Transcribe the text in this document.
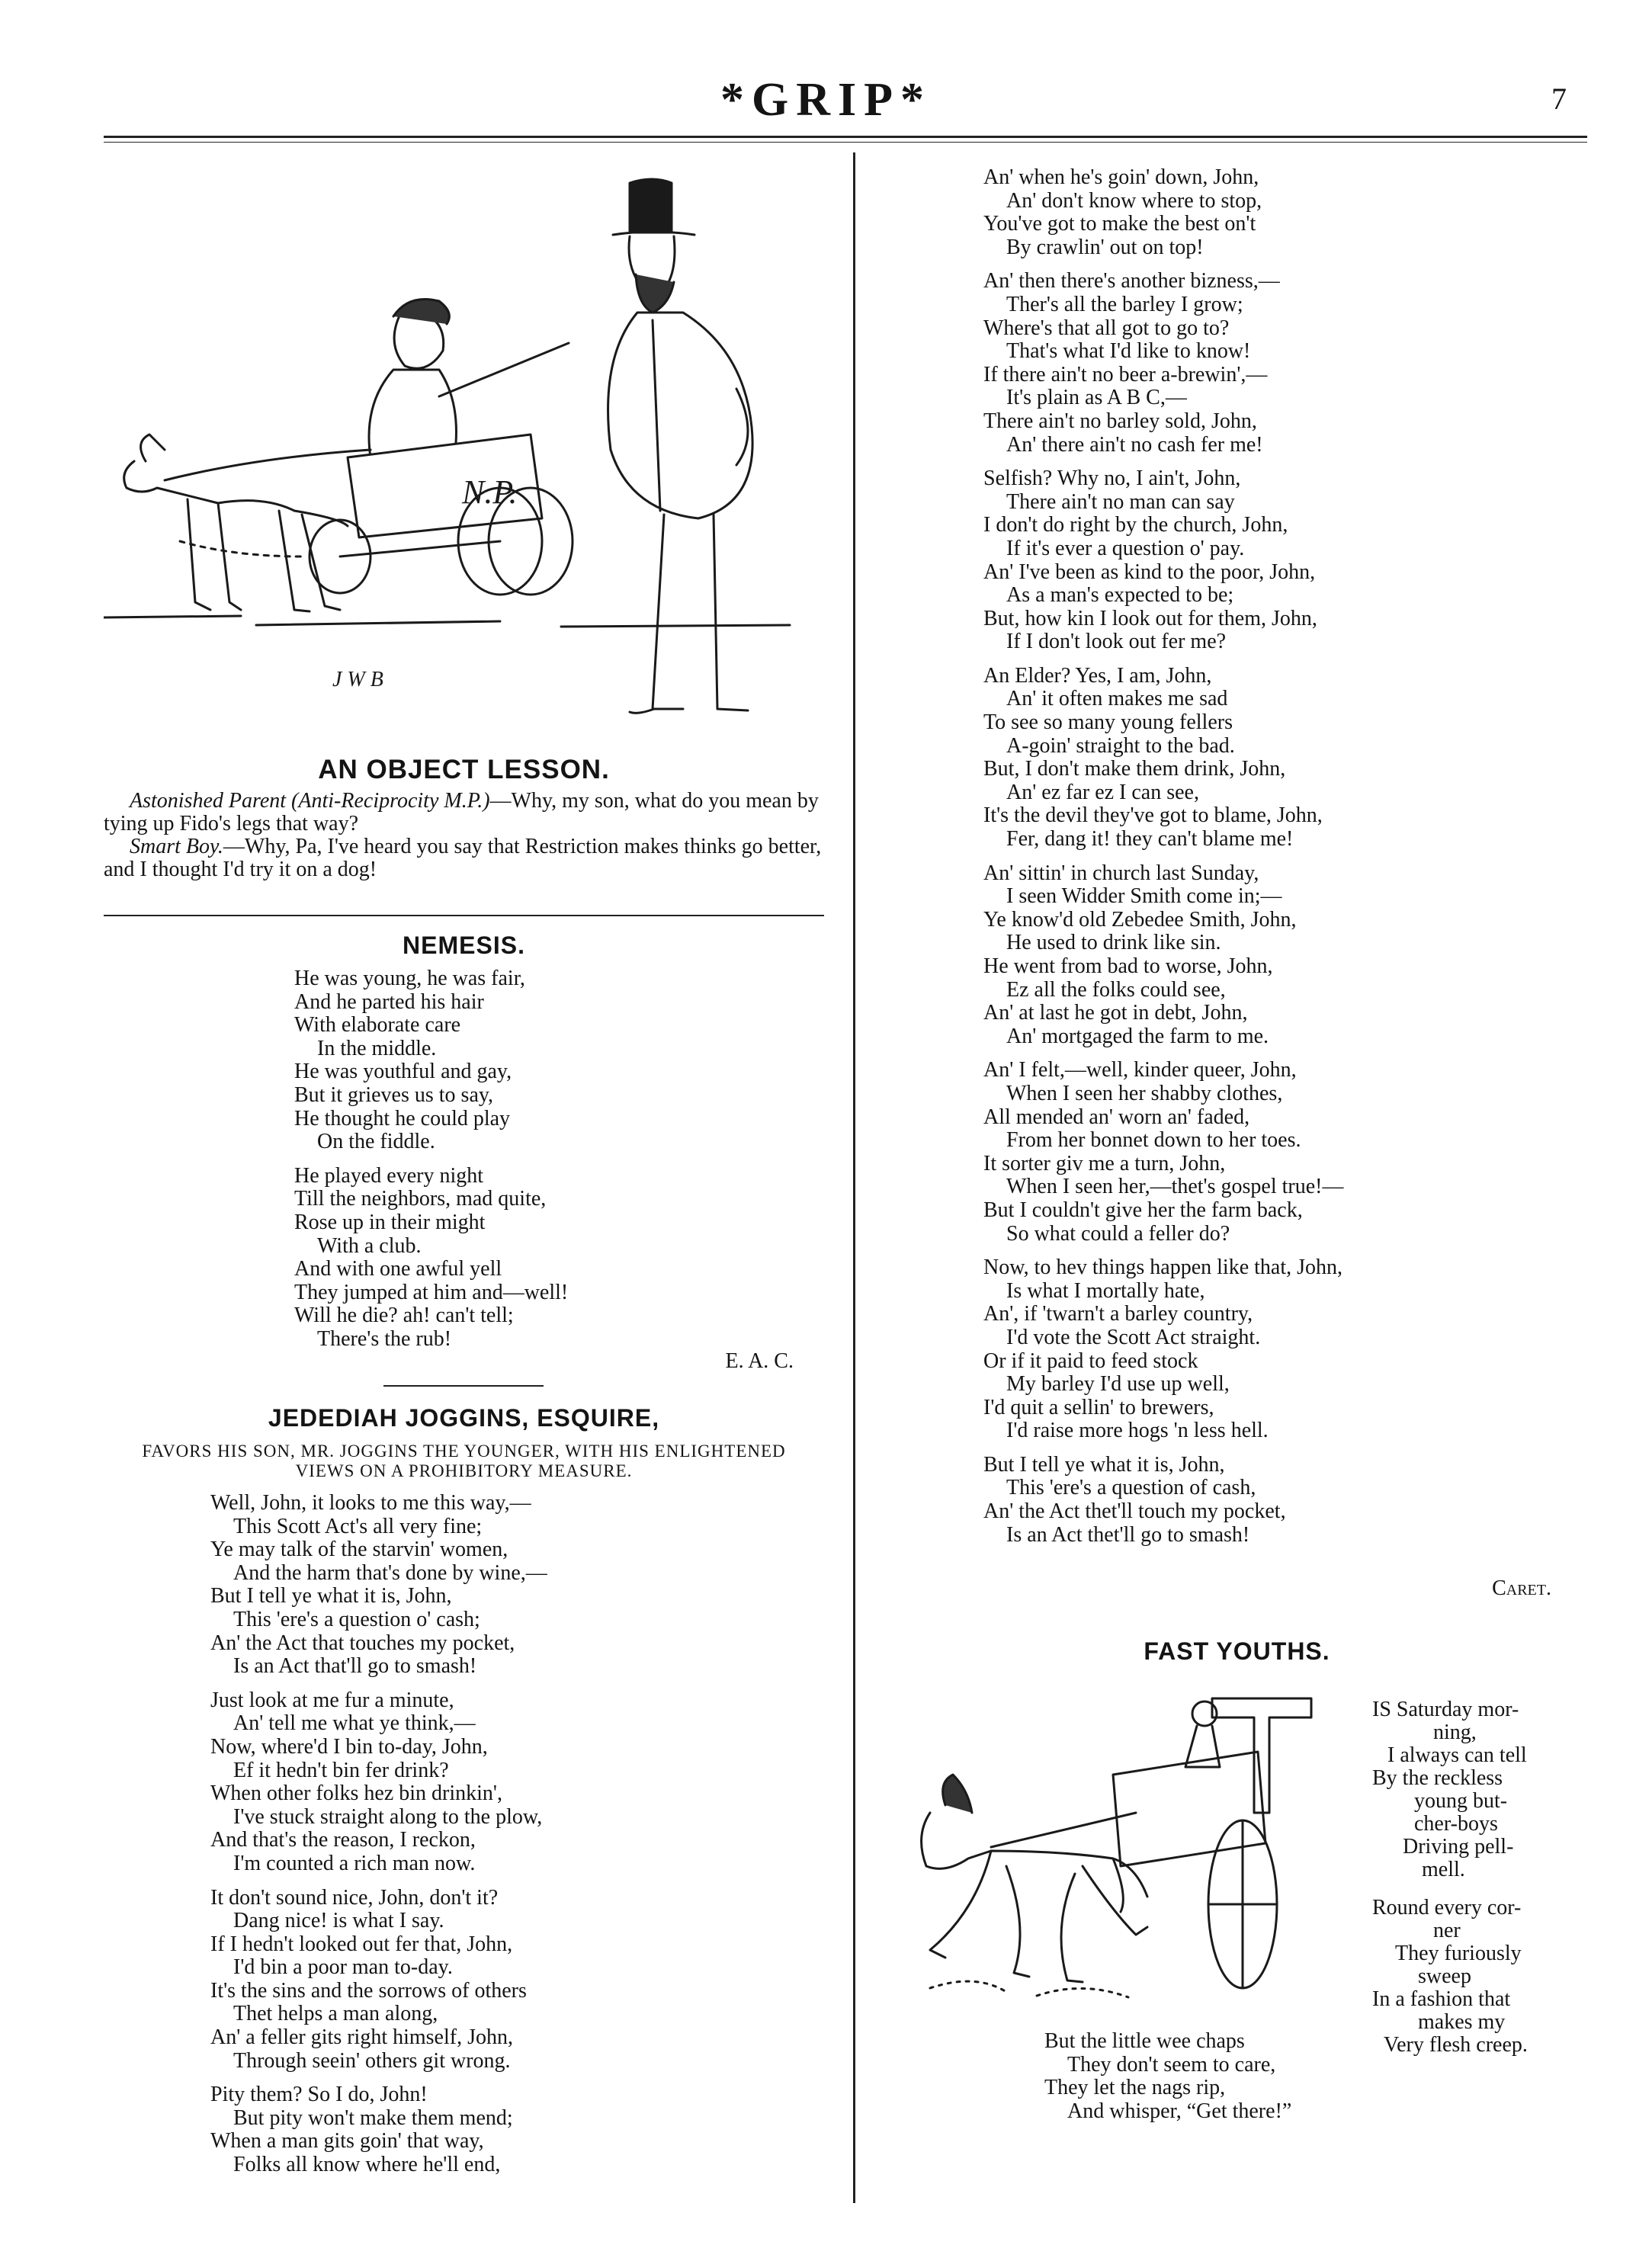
*GRIP*	7
N.P.
J W B
AN OBJECT LESSON.

Astonished Parent (Anti-Reciprocity M.P.)—Why, my son, what do you mean by tying up Fido's legs that way?

Smart Boy.—Why, Pa, I've heard you say that Restriction makes thinks go better, and I thought I'd try it on a dog!

NEMESIS.
He was young, he was fair,
And he parted his hair
With elaborate care
In the middle.
He was youthful and gay,
But it grieves us to say,
He thought he could play
On the fiddle.
He played every night
Till the neighbors, mad quite,
Rose up in their might
With a club.
And with one awful yell
They jumped at him and—well!
Will he die? ah! can't tell;
There's the rub!
E. A. C.
JEDEDIAH JOGGINS, ESQUIRE,

FAVORS HIS SON, MR. JOGGINS THE YOUNGER, WITH HIS ENLIGHTENED VIEWS ON A PROHIBITORY MEASURE.

Well, John, it looks to me this way,—
This Scott Act's all very fine;
Ye may talk of the starvin' women,
And the harm that's done by wine,—
But I tell ye what it is, John,
This 'ere's a question o' cash;
An' the Act that touches my pocket,
Is an Act that'll go to smash!
Just look at me fur a minute,
An' tell me what ye think,—
Now, where'd I bin to-day, John,
Ef it hedn't bin fer drink?
When other folks hez bin drinkin',
I've stuck straight along to the plow,
And that's the reason, I reckon,
I'm counted a rich man now.
It don't sound nice, John, don't it?
Dang nice! is what I say.
If I hedn't looked out fer that, John,
I'd bin a poor man to-day.
It's the sins and the sorrows of others
Thet helps a man along,
An' a feller gits right himself, John,
Through seein' others git wrong.
Pity them? So I do, John!
But pity won't make them mend;
When a man gits goin' that way,
Folks all know where he'll end,
An' when he's goin' down, John,
An' don't know where to stop,
You've got to make the best on't
By crawlin' out on top!
An' then there's another bizness,—
Ther's all the barley I grow;
Where's that all got to go to?
That's what I'd like to know!
If there ain't no beer a-brewin',—
It's plain as A B C,—
There ain't no barley sold, John,
An' there ain't no cash fer me!
Selfish? Why no, I ain't, John,
There ain't no man can say
I don't do right by the church, John,
If it's ever a question o' pay.
An' I've been as kind to the poor, John,
As a man's expected to be;
But, how kin I look out for them, John,
If I don't look out fer me?
An Elder? Yes, I am, John,
An' it often makes me sad
To see so many young fellers
A-goin' straight to the bad.
But, I don't make them drink, John,
An' ez far ez I can see,
It's the devil they've got to blame, John,
Fer, dang it! they can't blame me!
An' sittin' in church last Sunday,
I seen Widder Smith come in;—
Ye know'd old Zebedee Smith, John,
He used to drink like sin.
He went from bad to worse, John,
Ez all the folks could see,
An' at last he got in debt, John,
An' mortgaged the farm to me.
An' I felt,—well, kinder queer, John,
When I seen her shabby clothes,
All mended an' worn an' faded,
From her bonnet down to her toes.
It sorter giv me a turn, John,
When I seen her,—thet's gospel true!—
But I couldn't give her the farm back,
So what could a feller do?
Now, to hev things happen like that, John,
Is what I mortally hate,
An', if 'twarn't a barley country,
I'd vote the Scott Act straight.
Or if it paid to feed stock
My barley I'd use up well,
I'd quit a sellin' to brewers,
I'd raise more hogs 'n less hell.
But I tell ye what it is, John,
This 'ere's a question of cash,
An' the Act thet'll touch my pocket,
Is an Act thet'll go to smash!
Caret.
FAST YOUTHS.
IS Saturday mor-
ning,
I always can tell
By the reckless
young but-
cher-boys
Driving pell-
mell.
Round every cor-
ner
They furiously
sweep
In a fashion that
makes my
Very flesh creep.
But the little wee chaps
They don't seem to care,
They let the nags rip,
And whisper, “Get there!”
